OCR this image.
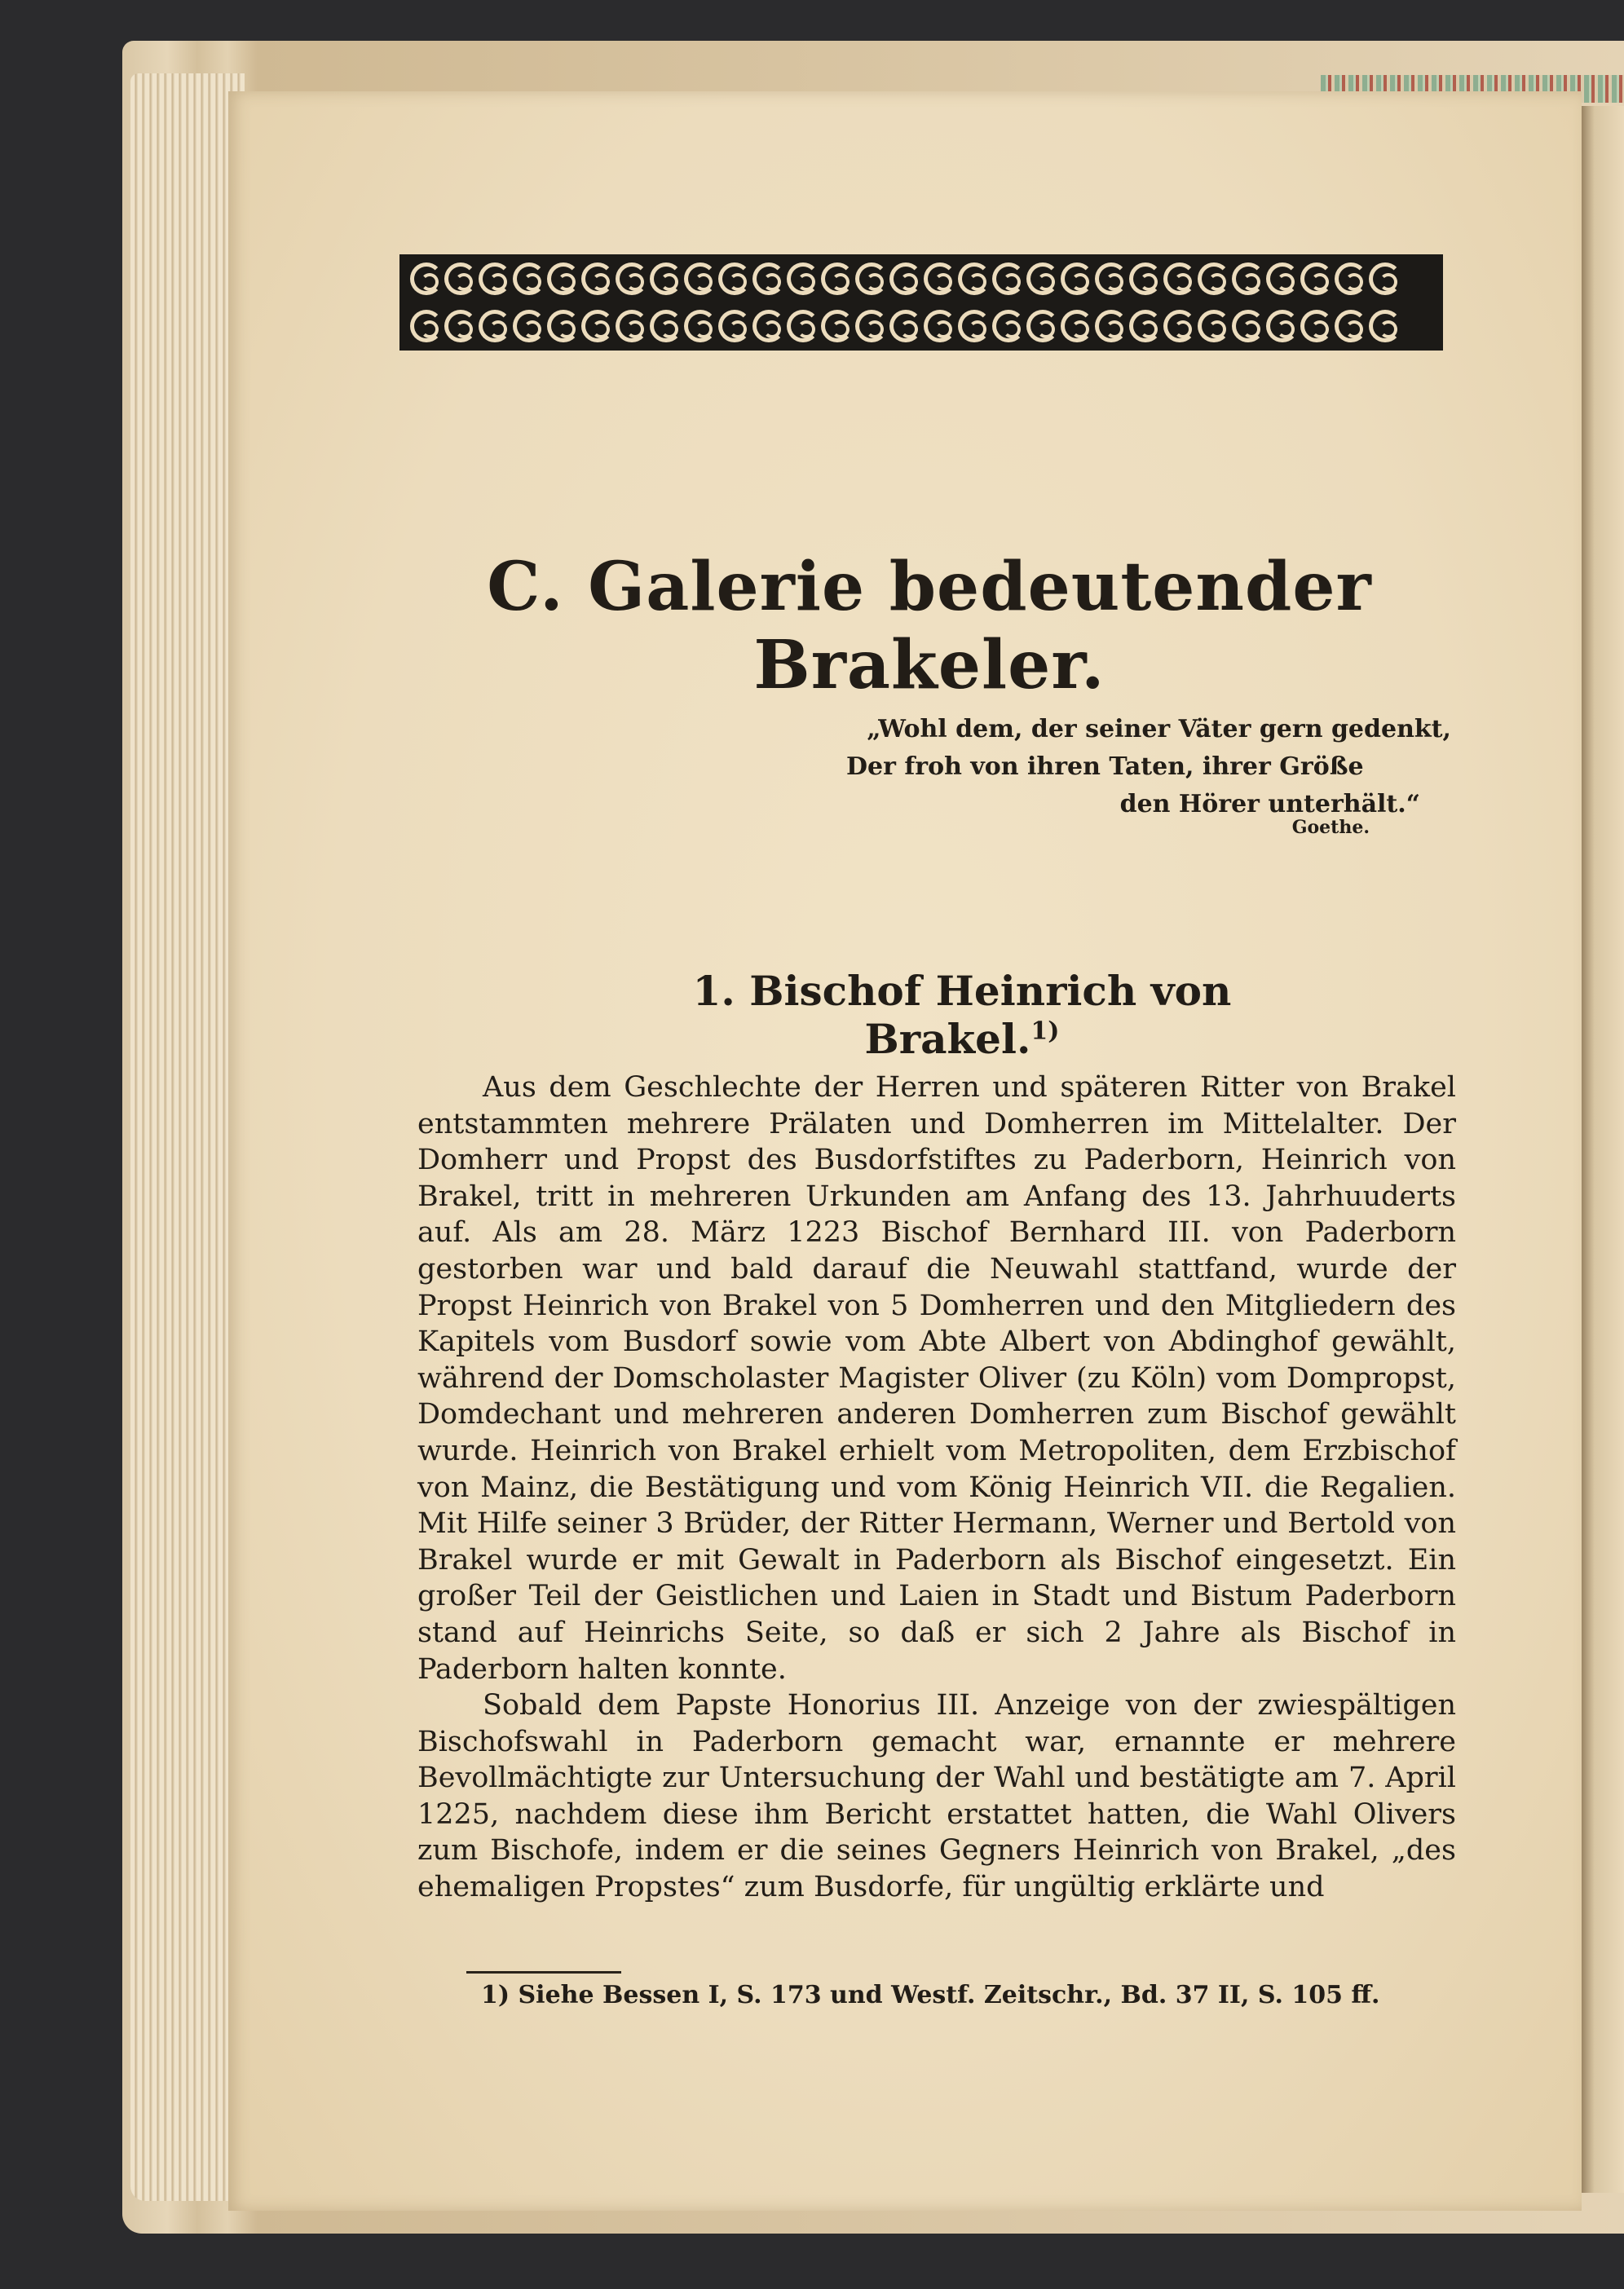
C. Galerie bedeutender Brakeler.
„Wohl dem, der seiner Väter gern gedenkt,
Der froh von ihren Taten, ihrer Größe
den Hörer unterhält.“
Goethe.
1. Bischof Heinrich von Brakel.$^{1)}$

Aus dem Geschlechte der Herren und späteren Ritter von Brakel entstammten mehrere Prälaten und Domherren im Mittelalter. Der Domherr und Propst des Busdorfstiftes zu Paderborn, Heinrich von Brakel, tritt in mehreren Urkunden am Anfang des 13. Jahrhuuderts auf. Als am 28. März 1223 Bischof Bernhard III. von Paderborn gestorben war und bald darauf die Neuwahl stattfand, wurde der Propst Heinrich von Brakel von 5 Domherren und den Mitgliedern des Kapitels vom Busdorf sowie vom Abte Albert von Abdinghof gewählt, während der Domscholaster Magister Oliver (zu Köln) vom Dompropst, Domdechant und mehreren anderen Domherren zum Bischof gewählt wurde. Heinrich von Brakel erhielt vom Metropoliten, dem Erzbischof von Mainz, die Bestätigung und vom König Heinrich VII. die Regalien. Mit Hilfe seiner 3 Brüder, der Ritter Hermann, Werner und Bertold von Brakel wurde er mit Gewalt in Paderborn als Bischof eingesetzt. Ein großer Teil der Geistlichen und Laien in Stadt und Bistum Paderborn stand auf Heinrichs Seite, so daß er sich 2 Jahre als Bischof in Paderborn halten konnte.

Sobald dem Papste Honorius III. Anzeige von der zwiespältigen Bischofswahl in Paderborn gemacht war, ernannte er mehrere Bevollmächtigte zur Untersuchung der Wahl und bestätigte am 7. April 1225, nachdem diese ihm Bericht erstattet hatten, die Wahl Olivers zum Bischofe, indem er die seines Gegners Heinrich von Brakel, „des ehemaligen Propstes“ zum Busdorfe, für ungültig erklärte und

1) Siehe Bessen I, S. 173 und Westf. Zeitschr., Bd. 37 II, S. 105 ff.
